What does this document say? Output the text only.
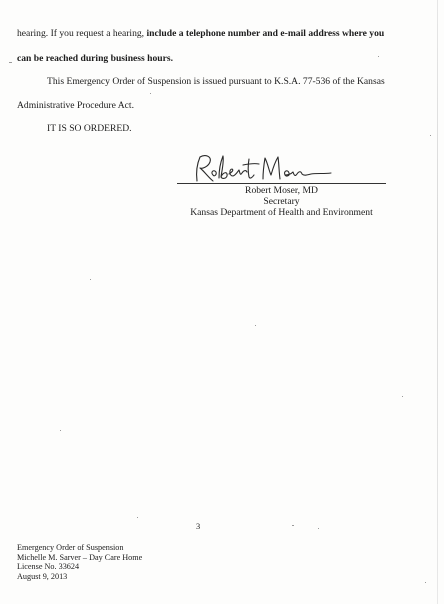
hearing. If you request a hearing, include a telephone number and e-mail address where you
can be reached during business hours.
This Emergency Order of Suspension is issued pursuant to K.S.A. 77-536 of the Kansas
Administrative Procedure Act.
IT IS SO ORDERED.
Robert Moser, MD
Secretary
Kansas Department of Health and Environment
3
Emergency Order of Suspension
Michelle M. Sarver – Day Care Home
License No. 33624
August 9, 2013
